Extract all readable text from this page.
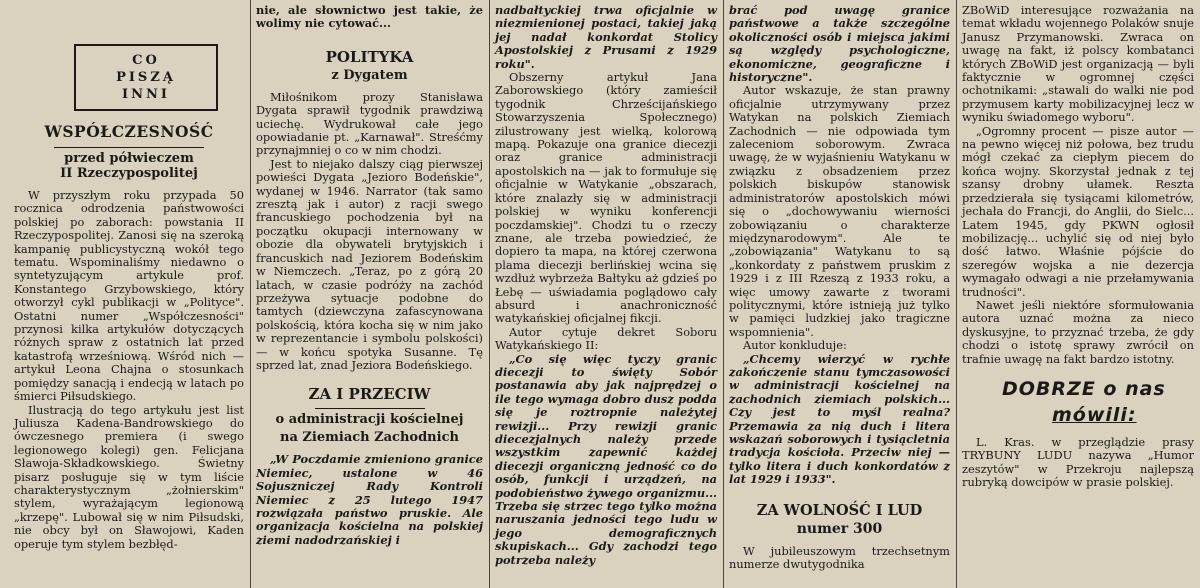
CO
PISZĄ
INNI
WSPÓŁCZESNOŚĆ
przed półwieczem
II Rzeczypospolitej

W przyszłym roku przypada 50 rocznica odrodzenia państwowości polskiej po zaborach: powstania II Rzeczypospolitej. Zanosi się na szeroką kampanię publicystyczną wokół tego tematu. Wspominaliśmy niedawno o syntetyzującym artykule prof. Konstantego Grzybowskiego, który otworzył cykl publikacji w „Polityce". Ostatni numer „Współczesności" przynosi kilka artykułów dotyczących różnych spraw z ostatnich lat przed katastrofą wrześniową. Wśród nich — artykuł Leona Chajna o stosunkach pomiędzy sanacją i endecją w latach po śmierci Piłsudskiego.

Ilustracją do tego artykułu jest list Juliusza Kadena-Bandrowskiego do ówczesnego premiera (i swego legionowego kolegi) gen. Felicjana Sławoja-Składkowskiego. Świetny pisarz posługuje się w tym liście charakterystycznym „żołnierskim" stylem, wyrażającym legionową „krzepę". Lubował się w nim Piłsudski, nie obcy był on Sławojowi, Kaden operuje tym stylem bezbłęd-

nie, ale słownictwo jest takie, że wolimy nie cytować...

POLITYKA
z Dygatem

Miłośnikom prozy Stanisława Dygata sprawił tygodnik prawdziwą uciechę. Wydrukował całe jego opowiadanie pt. „Karnawał". Streśćmy przynajmniej o co w nim chodzi.

Jest to niejako dalszy ciąg pierwszej powieści Dygata „Jezioro Bodeńskie", wydanej w 1946. Narrator (tak samo zresztą jak i autor) z racji swego francuskiego pochodzenia był na początku okupacji internowany w obozie dla obywateli brytyjskich i francuskich nad Jeziorem Bodeńskim w Niemczech. „Teraz, po z górą 20 latach, w czasie podróży na zachód przeżywa sytuacje podobne do tamtych (dziewczyna zafascynowana polskością, która kocha się w nim jako w reprezentancie i symbolu polskości) — w końcu spotyka Susanne. Tę sprzed lat, znad Jeziora Bodeńskiego.

ZA I PRZECIW
o administracji kościelnej
na Ziemiach Zachodnich

„W Poczdamie zmieniono granice Niemiec, ustalone w 46 Sojuszniczej Rady Kontroli Niemiec z 25 lutego 1947 rozwiązała państwo pruskie. Ale organizacja kościelna na polskiej ziemi nadodrzańskiej i

nadbałtyckiej trwa oficjalnie w niezmienionej postaci, takiej jaką jej nadał konkordat Stolicy Apostolskiej z Prusami z 1929 roku".

Obszerny artykuł Jana Zaborowskiego (który zamieścił tygodnik Chrześcijańskiego Stowarzyszenia Społecznego) zilustrowany jest wielką, kolorową mapą. Pokazuje ona granice diecezji oraz granice administracji apostolskich na — jak to formułuje się oficjalnie w Watykanie „obszarach, które znalazły się w administracji polskiej w wyniku konferencji poczdamskiej". Chodzi tu o rzeczy znane, ale trzeba powiedzieć, że dopiero ta mapa, na której czerwona plama diecezji berlińskiej wcina się wzdłuż wybrzeża Bałtyku aż gdzieś po Łebę — uświadamia poglądowo cały absurd i anachroniczność watykańskiej oficjalnej fikcji.

Autor cytuje dekret Soboru Watykańskiego II:

„Co się więc tyczy granic diecezji to święty Sobór postanawia aby jak najprędzej o ile tego wymaga dobro dusz podda się je roztropnie należytej rewizji... Przy rewizji granic diecezjalnych należy przede wszystkim zapewnić każdej diecezji organiczną jedność co do osób, funkcji i urządzeń, na podobieństwo żywego organizmu... Trzeba się strzec tego tylko można naruszania jedności tego ludu w jego demograficznych skupiskach... Gdy zachodzi tego potrzeba należy

brać pod uwagę granice państwowe a także szczególne okoliczności osób i miejsca jakimi są względy psychologiczne, ekonomiczne, geograficzne i historyczne".

Autor wskazuje, że stan prawny oficjalnie utrzymywany przez Watykan na polskich Ziemiach Zachodnich — nie odpowiada tym zaleceniom soborowym. Zwraca uwagę, że w wyjaśnieniu Watykanu w związku z obsadzeniem przez polskich biskupów stanowisk administratorów apostolskich mówi się o „dochowywaniu wierności zobowiązaniu o charakterze międzynarodowym". Ale te „zobowiązania" Watykanu to są „konkordaty z państwem pruskim z 1929 i z III Rzeszą z 1933 roku, a więc umowy zawarte z tworami politycznymi, które istnieją już tylko w pamięci ludzkiej jako tragiczne wspomnienia".

Autor konkluduje:

„Chcemy wierzyć w rychłe zakończenie stanu tymczasowości w administracji kościelnej na zachodnich ziemiach polskich... Czy jest to myśl realna? Przemawia za nią duch i litera wskazań soborowych i tysiącletnia tradycja kościoła. Przeciw niej — tylko litera i duch konkordatów z lat 1929 i 1933".

ZA WOLNOŚĆ I LUD
numer 300

W jubileuszowym trzechsetnym numerze dwutygodnika

ZBoWiD interesujące rozważania na temat wkładu wojennego Polaków snuje Janusz Przymanowski. Zwraca on uwagę na fakt, iż polscy kombatanci których ZBoWiD jest organizacją — byli faktycznie w ogromnej części ochotnikami: „stawali do walki nie pod przymusem karty mobilizacyjnej lecz w wyniku świadomego wyboru".

„Ogromny procent — pisze autor — na pewno więcej niż połowa, bez trudu mógł czekać za ciepłym piecem do końca wojny. Skorzystał jednak z tej szansy drobny ułamek. Reszta przedzierała się tysiącami kilometrów, jechała do Francji, do Anglii, do Sielc... Latem 1945, gdy PKWN ogłosił mobilizację... uchylić się od niej było dość łatwo. Właśnie pójście do szeregów wojska a nie dezercja wymagało odwagi a nie przełamywania trudności".

Nawet jeśli niektóre sformułowania autora uznać można za nieco dyskusyjne, to przyznać trzeba, że gdy chodzi o istotę sprawy zwrócił on trafnie uwagę na fakt bardzo istotny.

DOBRZE o nas
mówili:

L. Kras. w przeglądzie prasy TRYBUNY LUDU nazywa „Humor zeszytów" w Przekroju najlepszą rubryką dowcipów w prasie polskiej.
